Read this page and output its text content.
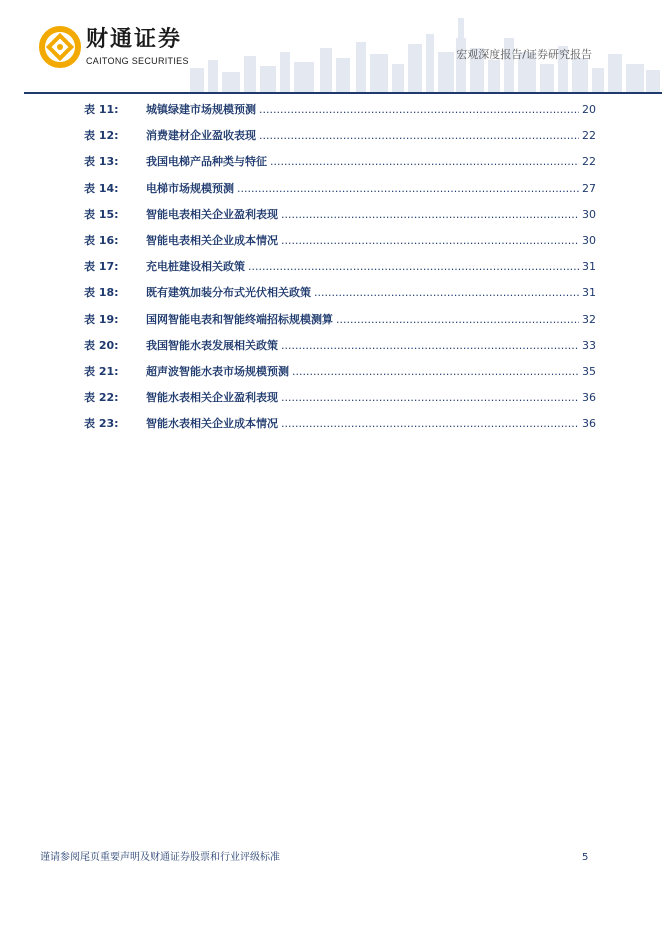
财通证券
CAITONG SECURITIES	宏观深度报告/证券研究报告
表 11:	城镇绿建市场规模预测 .....	20
表 12:	消费建材企业盈收表现 .....	22
表 13:	我国电梯产品种类与特征 .....	22
表 14:	电梯市场规模预测 .....	27
表 15:	智能电表相关企业盈利表现 .....	30
表 16:	智能电表相关企业成本情况 .....	30
表 17:	充电桩建设相关政策 .....	31
表 18:	既有建筑加装分布式光伏相关政策 .....	31
表 19:	国网智能电表和智能终端招标规模测算 .....	32
表 20:	我国智能水表发展相关政策 .....	33
表 21:	超声波智能水表市场规模预测 .....	35
表 22:	智能水表相关企业盈利表现 .....	36
表 23:	智能水表相关企业成本情况 .....	36
谨请参阅尾页重要声明及财通证券股票和行业评级标准	5
